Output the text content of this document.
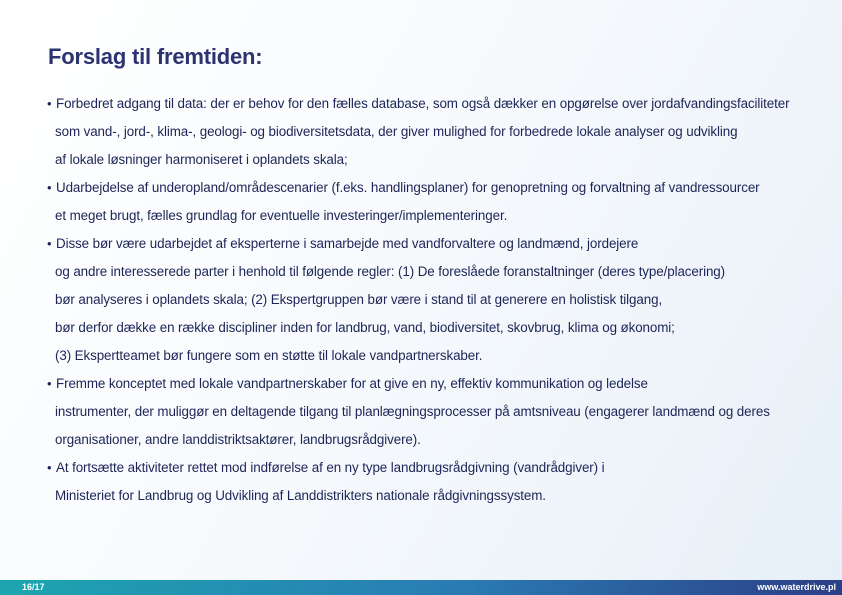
Forslag til fremtiden:
• Forbedret adgang til data: der er behov for den fælles database, som også dækker en opgørelse over jordafvandingsfaciliteter
som vand-, jord-, klima-, geologi- og biodiversitetsdata, der giver mulighed for forbedrede lokale analyser og udvikling
af lokale løsninger harmoniseret i oplandets skala;
• Udarbejdelse af underopland/områdescenarier (f.eks. handlingsplaner) for genopretning og forvaltning af vandressourcer
et meget brugt, fælles grundlag for eventuelle investeringer/implementeringer.
• Disse bør være udarbejdet af eksperterne i samarbejde med vandforvaltere og landmænd, jordejere
og andre interesserede parter i henhold til følgende regler: (1) De foreslåede foranstaltninger (deres type/placering)
bør analyseres i oplandets skala; (2) Ekspertgruppen bør være i stand til at generere en holistisk tilgang,
bør derfor dække en række discipliner inden for landbrug, vand, biodiversitet, skovbrug, klima og økonomi;
(3) Ekspertteamet bør fungere som en støtte til lokale vandpartnerskaber.
• Fremme konceptet med lokale vandpartnerskaber for at give en ny, effektiv kommunikation og ledelse
instrumenter, der muliggør en deltagende tilgang til planlægningsprocesser på amtsniveau (engagerer landmænd og deres
organisationer, andre landdistriktsaktører, landbrugsrådgivere).
• At fortsætte aktiviteter rettet mod indførelse af en ny type landbrugsrådgivning (vandrådgiver) i
Ministeriet for Landbrug og Udvikling af Landdistrikters nationale rådgivningssystem.
16/17	www.waterdrive.pl
